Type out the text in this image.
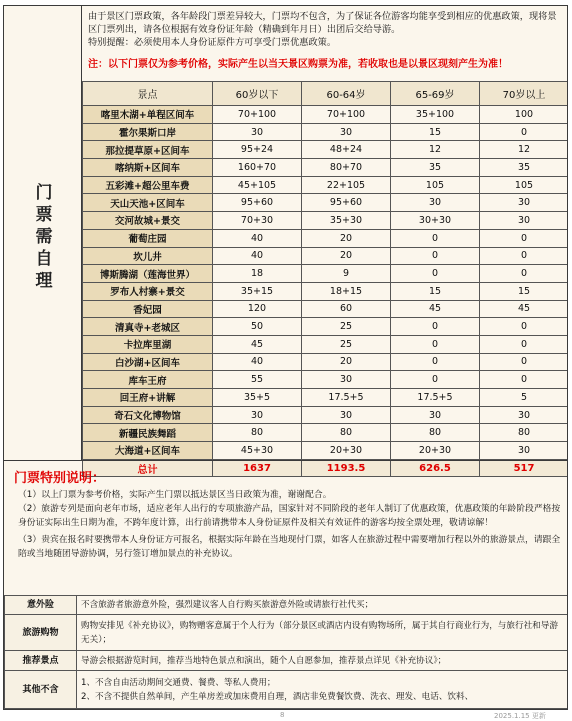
门
票
需
自
理

由于景区门票政策，各年龄段门票差异较大，门票均不包含，为了保证各位游客均能享受到相应的优惠政策，现将景区门票列出，请各位根据有效身份证年龄（精确到年月日）出团后交给导游。

特别提醒：必须使用本人身份证原件方可享受门票优惠政策。

注：以下门票仅为参考价格，实际产生以当天景区购票为准，若收取也是以景区现刻产生为准！
景点	60岁以下	60-64岁	65-69岁	70岁以上
喀里木湖+单程区间车	70+100	70+100	35+100	100
霍尔果斯口岸	30	30	15	0
那拉提草原+区间车	95+24	48+24	12	12
喀纳斯+区间车	160+70	80+70	35	35
五彩滩+超公里车费	45+105	22+105	105	105
天山天池+区间车	95+60	95+60	30	30
交河故城+景交	70+30	35+30	30+30	30
葡萄庄园	40	20	0	0
坎儿井	40	20	0	0
博斯腾湖（莲海世界）	18	9	0	0
罗布人村寨+景交	35+15	18+15	15	15
香妃园	120	60	45	45
清真寺+老城区	50	25	0	0
卡拉库里湖	45	25	0	0
白沙湖+区间车	40	20	0	0
库车王府	55	30	0	0
回王府+讲解	35+5	17.5+5	17.5+5	5
奇石文化博物馆	30	30	30	30
新疆民族舞蹈	80	80	80	80
大海道+区间车	45+30	20+30	20+30	30
总计	1637	1193.5	626.5	517
门票特别说明：
（1）以上门票为参考价格，实际产生门票以抵达景区当日政策为准，谢谢配合。
（2）旅游专列是面向老年市场，适应老年人出行的专项旅游产品，国家针对不同阶段的老年人制订了优惠政策，优惠政策的年龄阶段严格按身份证实际出生日期为准，不跨年度计算，出行前请携带本人身份证原件及相关有效证件的游客均按全票处理，敬请谅解！
（3）贵宾在报名时要携带本人身份证方可报名，根据实际年龄在当地现付门票，如客人在旅游过程中需要增加行程以外的旅游景点，请跟全陪或当地随团导游协调，另行签订增加景点的补充协议。
意外险	不含旅游者旅游意外险，强烈建议客人自行购买旅游意外险或请旅行社代买；
旅游购物	购物安排见《补充协议》，购物赠客意属于个人行为（部分景区或酒店内设有购物场所，属于其自行商业行为，与旅行社和导游无关）；
推荐景点	导游会根据游览时间，推荐当地特色景点和演出，随个人自愿参加，推荐景点详见《补充协议》；
其他不含	1、不含自由活动期间交通费、餐费、等私人费用；
2、不含不提供自然单间，产生单房差或加床费用自理，酒店非免费餐饮费、洗衣、理发、电话、饮料、
8	2025.1.15 更新
